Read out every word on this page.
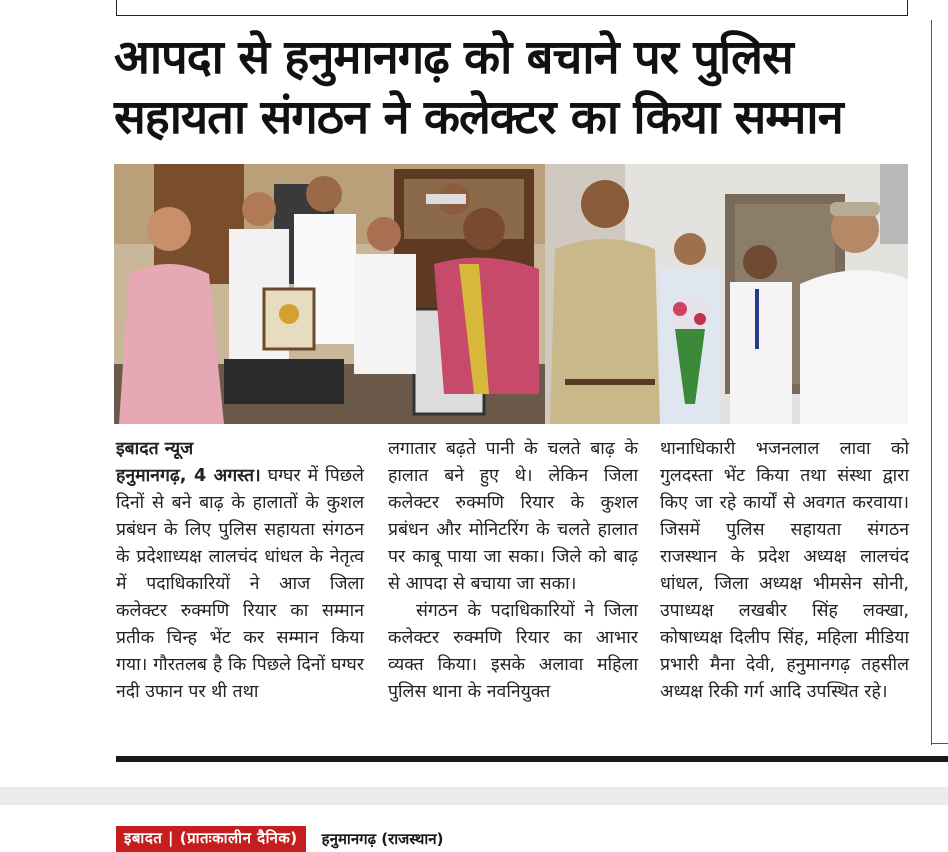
आपदा से हनुमानगढ़ को बचाने पर पुलिस सहायता संगठन ने कलेक्टर का किया सम्मान
इबादत न्यूज

हनुमानगढ़, 4 अगस्त। घग्घर में पिछले दिनों से बने बाढ़ के हालातों के कुशल प्रबंधन के लिए पुलिस सहायता संगठन के प्रदेशाध्यक्ष लालचंद धांधल के नेतृत्व में पदाधिकारियों ने आज जिला कलेक्टर रुक्मणि रियार का सम्मान प्रतीक चिन्ह भेंट कर सम्मान किया गया। गौरतलब है कि पिछले दिनों घग्घर नदी उफान पर थी तथा

लगातार बढ़ते पानी के चलते बाढ़ के हालात बने हुए थे। लेकिन जिला कलेक्टर रुक्मणि रियार के कुशल प्रबंधन और मोनिटरिंग के चलते हालात पर काबू पाया जा सका। जिले को बाढ़ से आपदा से बचाया जा सका।

संगठन के पदाधिकारियों ने जिला कलेक्टर रुक्मणि रियार का आभार व्यक्त किया। इसके अलावा महिला पुलिस थाना के नवनियुक्त

थानाधिकारी भजनलाल लावा को गुलदस्ता भेंट किया तथा संस्था द्वारा किए जा रहे कार्यों से अवगत करवाया। जिसमें पुलिस सहायता संगठन राजस्थान के प्रदेश अध्यक्ष लालचंद धांधल, जिला अध्यक्ष भीमसेन सोनी, उपाध्यक्ष लखबीर सिंह लक्खा, कोषाध्यक्ष दिलीप सिंह, महिला मीडिया प्रभारी मैना देवी, हनुमानगढ़ तहसील अध्यक्ष रिकी गर्ग आदि उपस्थित रहे।

इबादत | (प्रातःकालीन दैनिक)	हनुमानगढ़ (राजस्थान)
